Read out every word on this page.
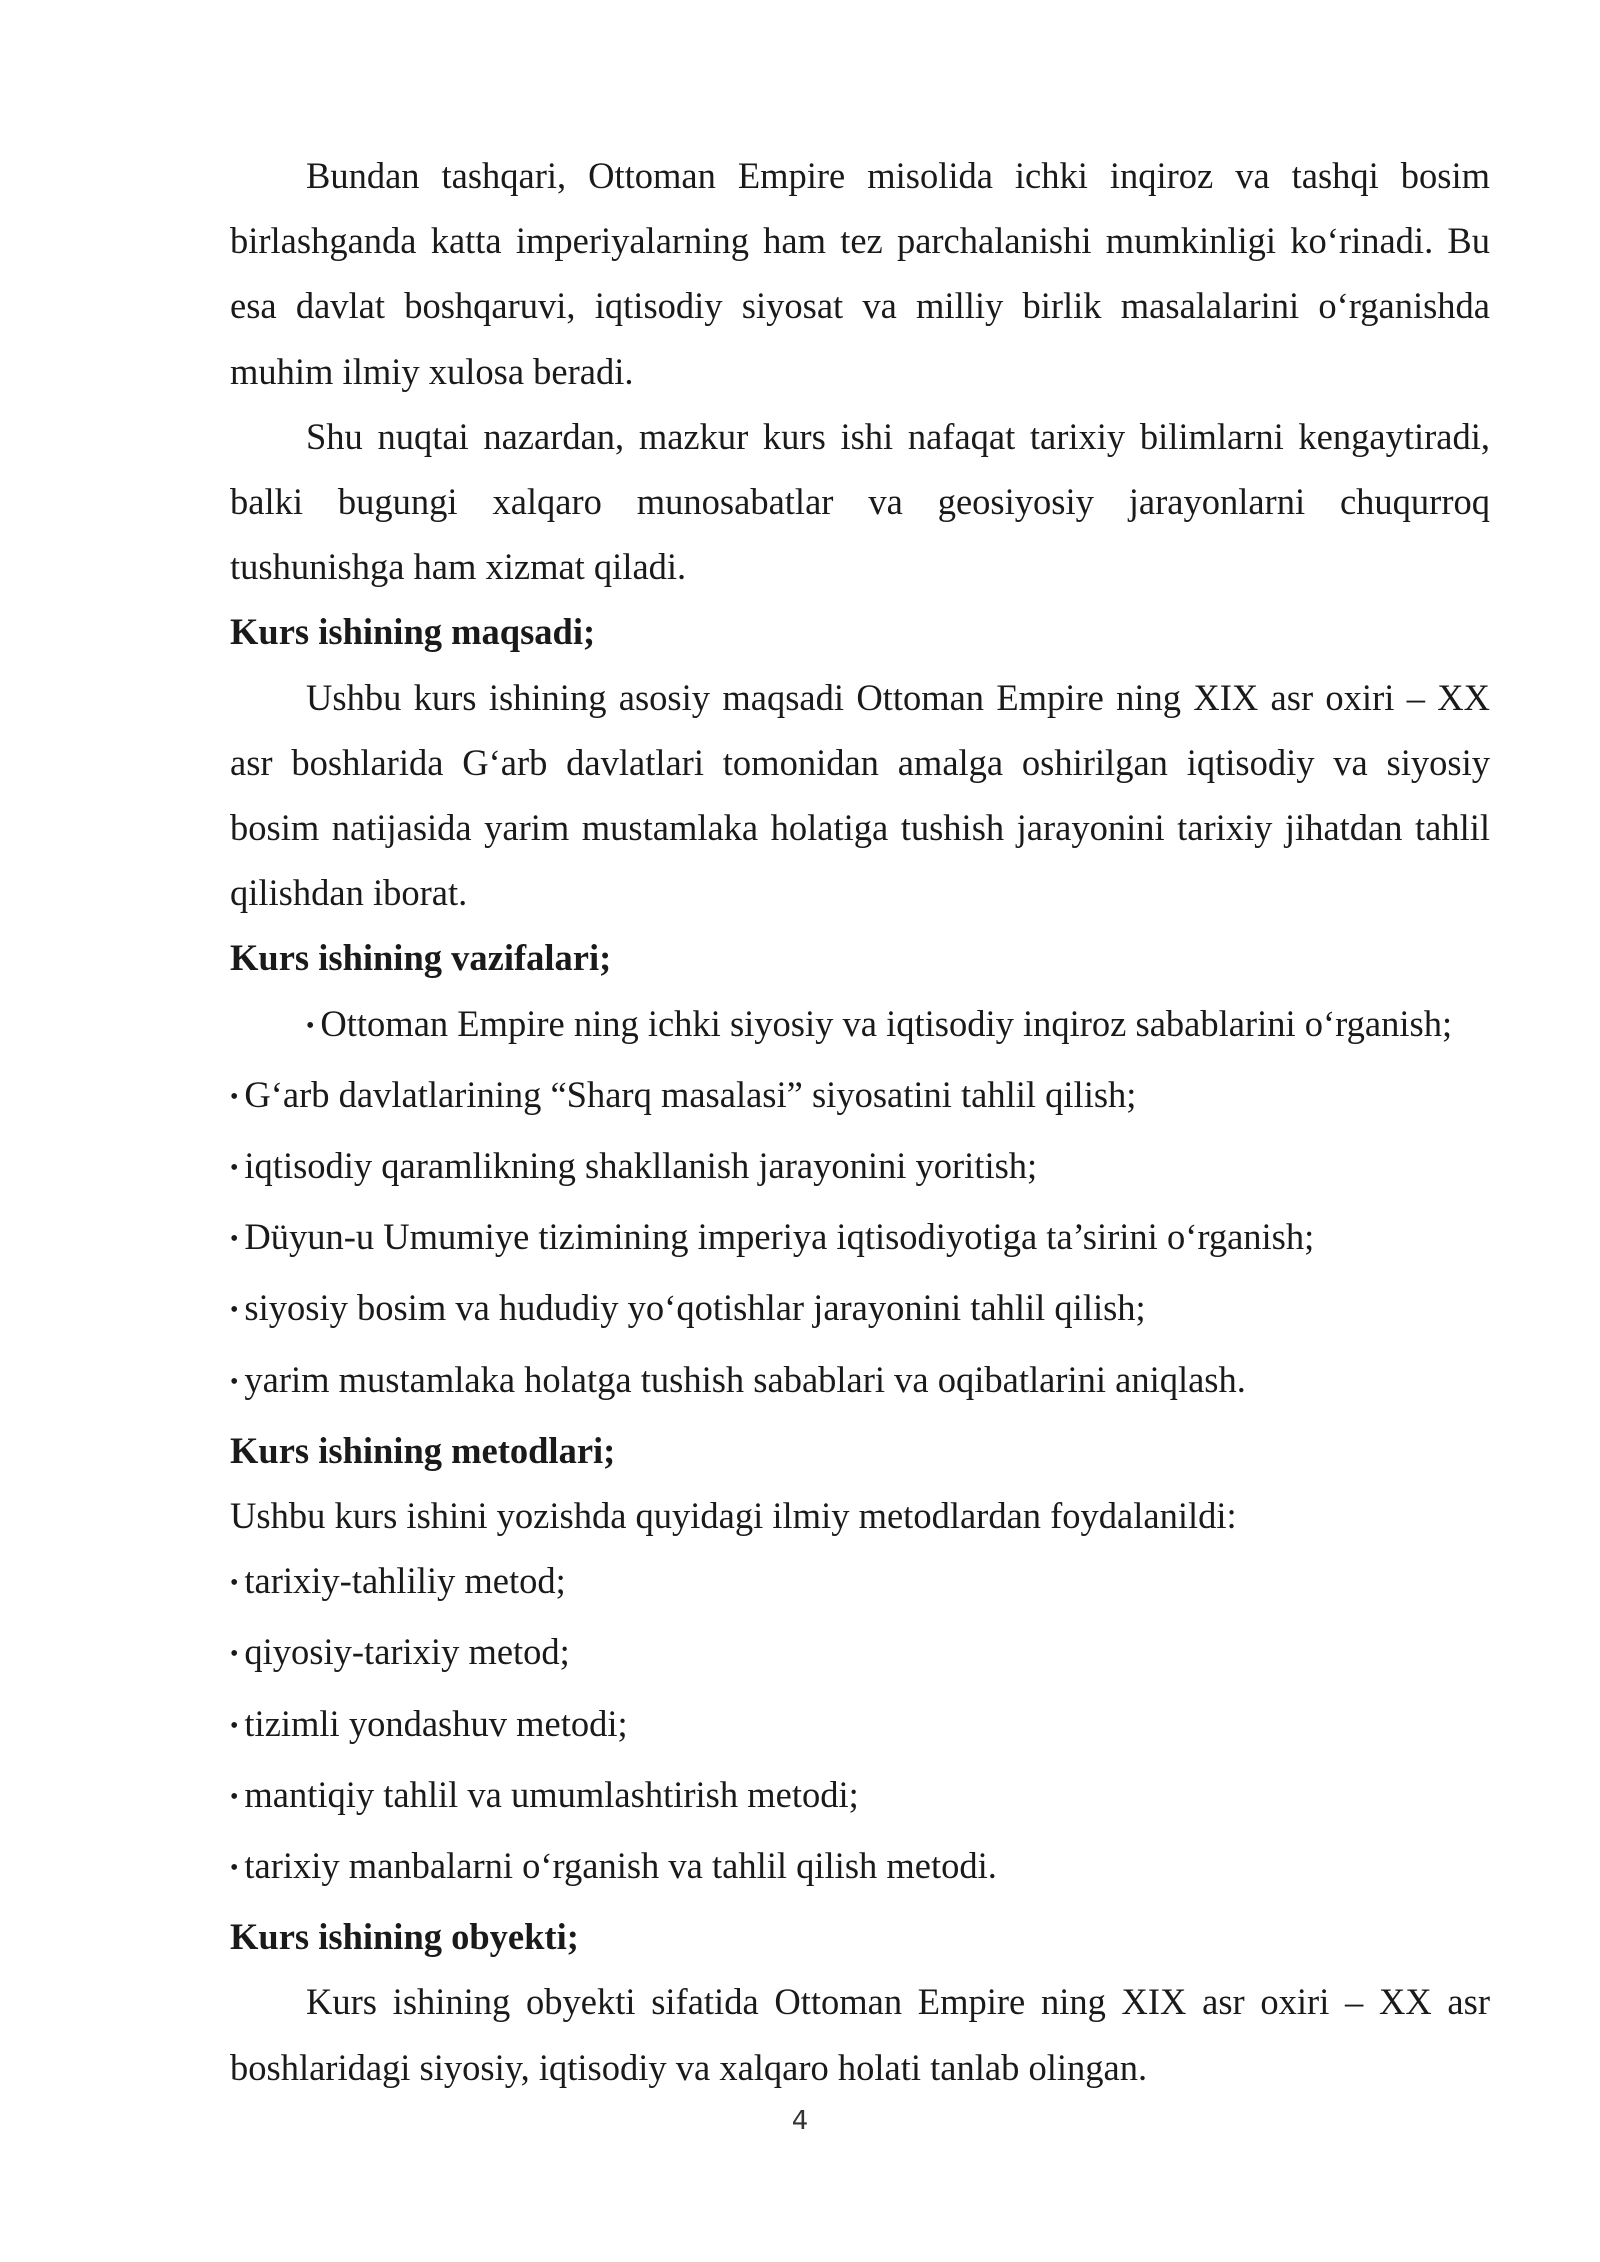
Bundan tashqari, Ottoman Empire misolida ichki inqiroz va tashqi bosim birlashganda katta imperiyalarning ham tez parchalanishi mumkinligi ko‘rinadi. Bu esa davlat boshqaruvi, iqtisodiy siyosat va milliy birlik masalalarini o‘rganishda muhim ilmiy xulosa beradi.

Shu nuqtai nazardan, mazkur kurs ishi nafaqat tarixiy bilimlarni kengaytiradi, balki bugungi xalqaro munosabatlar va geosiyosiy jarayonlarni chuqurroq tushunishga ham xizmat qiladi.

Kurs ishining maqsadi;

Ushbu kurs ishining asosiy maqsadi Ottoman Empire ning XIX asr oxiri – XX asr boshlarida G‘arb davlatlari tomonidan amalga oshirilgan iqtisodiy va siyosiy bosim natijasida yarim mustamlaka holatiga tushish jarayonini tarixiy jihatdan tahlil qilishdan iborat.

Kurs ishining vazifalari;

• Ottoman Empire ning ichki siyosiy va iqtisodiy inqiroz sabablarini o‘rganish;

• G‘arb davlatlarining “Sharq masalasi” siyosatini tahlil qilish;

• iqtisodiy qaramlikning shakllanish jarayonini yoritish;

• Düyun-u Umumiye tizimining imperiya iqtisodiyotiga ta’sirini o‘rganish;

• siyosiy bosim va hududiy yo‘qotishlar jarayonini tahlil qilish;

• yarim mustamlaka holatga tushish sabablari va oqibatlarini aniqlash.

Kurs ishining metodlari;

Ushbu kurs ishini yozishda quyidagi ilmiy metodlardan foydalanildi:

• tarixiy-tahliliy metod;

• qiyosiy-tarixiy metod;

• tizimli yondashuv metodi;

• mantiqiy tahlil va umumlashtirish metodi;

• tarixiy manbalarni o‘rganish va tahlil qilish metodi.

Kurs ishining obyekti;

Kurs ishining obyekti sifatida Ottoman Empire ning XIX asr oxiri – XX asr boshlaridagi siyosiy, iqtisodiy va xalqaro holati tanlab olingan.

4
